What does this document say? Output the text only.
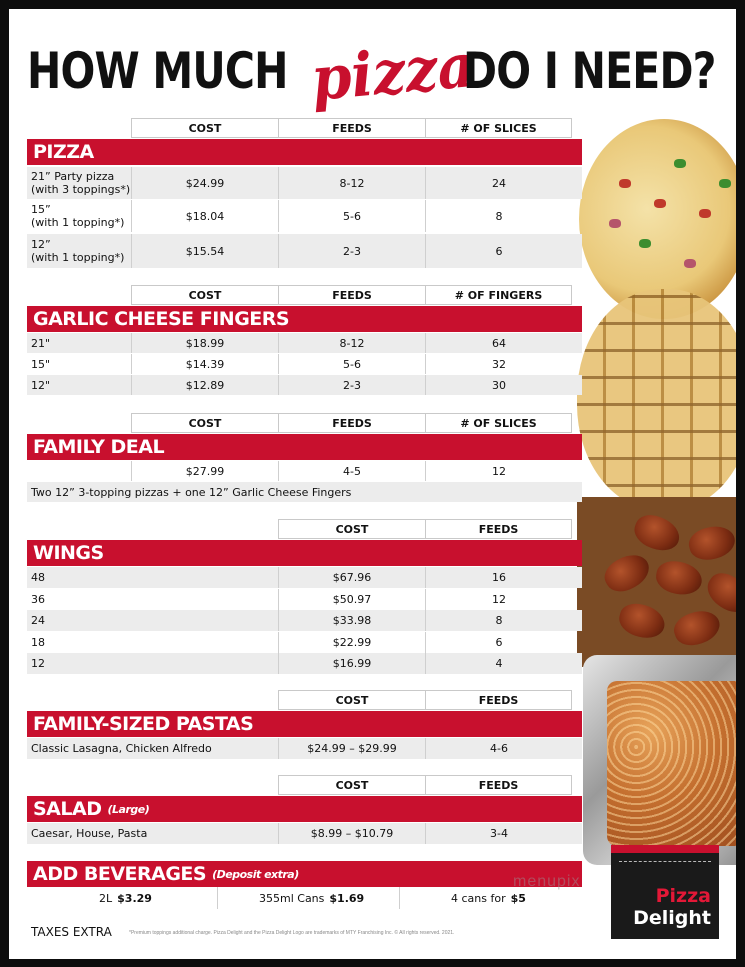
HOW MUCH pizza
DO I NEED?
COST	FEEDS	# OF SLICES
PIZZA
21” Party pizza
(with 3 toppings*)	$24.99	8-12	24
15”
(with 1 topping*)	$18.04	5-6	8
12”
(with 1 topping*)	$15.54	2-3	6
COST	FEEDS	# OF FINGERS
GARLIC CHEESE FINGERS
21"	$18.99	8-12	64
15"	$14.39	5-6	32
12"	$12.89	2-3	30
COST	FEEDS	# OF SLICES
FAMILY DEAL
$27.99	4-5	12
Two 12” 3-topping pizzas + one 12” Garlic Cheese Fingers
COST	FEEDS
WINGS
48	$67.96	16
36	$50.97	12
24	$33.98	8
18	$22.99	6
12	$16.99	4
COST	FEEDS
FAMILY-SIZED PASTAS
Classic Lasagna, Chicken Alfredo	$24.99 – $29.99	4-6
COST	FEEDS
SALAD (Large)
Caesar, House, Pasta	$8.99 – $10.79	3-4
ADD BEVERAGES (Deposit extra)
2L $3.29	355ml Cans $1.69	4 cans for $5
menupix
TAXES EXTRA	*Premium toppings additional charge. Pizza Delight and the Pizza Delight Logo are trademarks of MTY Franchising Inc. © All rights reserved. 2021.
Pizza
Delight
